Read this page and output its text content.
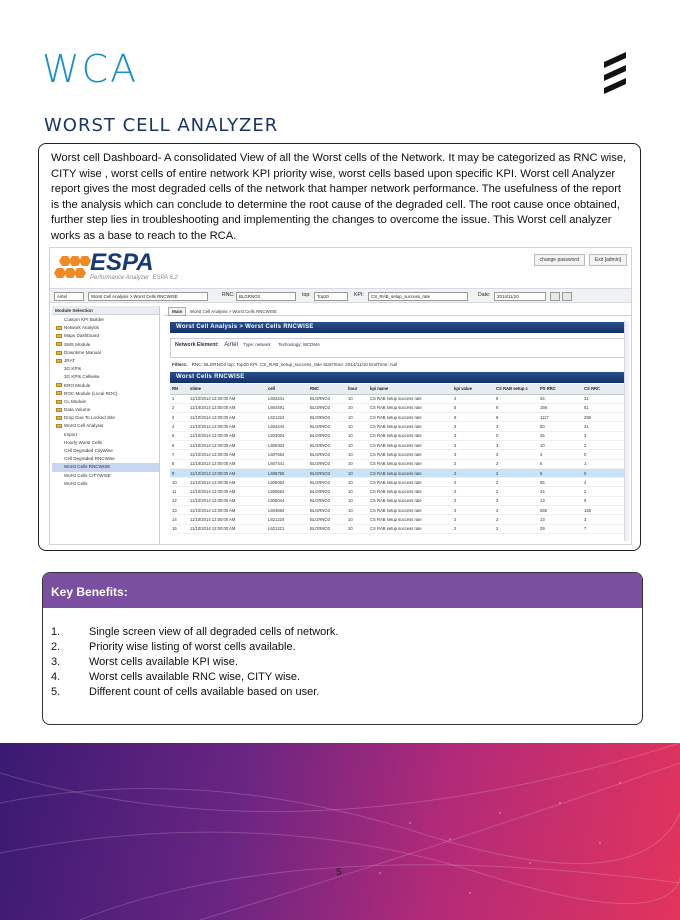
WCA
WORST CELL ANALYZER

Worst cell Dashboard- A consolidated View of all the Worst cells of the Network. It may be categorized as RNC wise, CITY wise , worst cells of entire network KPI priority wise, worst cells based upon specific KPI. Worst cell Analyzer report gives the most degraded cells of the network that hamper network performance. The usefulness of the report is the analysis which can conclude to determine the root cause of the degraded cell. The root cause once obtained, further step lies in troubleshooting and implementing the changes to overcome the issue. This Worst cell analyzer works as a base to reach to the RCA.

ESPA
Performance Analyzer ESPA 6.2
change password	Exit [admin]
Airtel	Worst Cell Analysis > Worst Cells RNCWISE	RNC: BLGRNO3	top:	Top20	KPI:	CS_RAB_setup_success_rate	Date:	2014/11/10
Module Selection
Custom KPI Builder
Network Analysis
Maps Dashboard
SMS Module
Downtime Manual
JRAT
3G KPIs
3G KPIs Cellwise
ERO Module
ROC Module (Local ROC)
CL Module
Data Volume
Drop Due To Locked Site
Worst Cell Analysis
Import
Hourly Worst Cells
Cell Degraded CityWise
Cell Degraded RNCWise
Worst Cells RNCWISE
Worst Cells CITYWISE
Worst Cells
Main	Worst Cell Analysis > Worst Cells RNCWISE
Worst Cell Analysis > Worst Cells RNCWISE
Network Element: Airtel Type: network Technology: WCDMA
Filters: RNC: BLGRNO3 top: Top20 KPI: CS_RAB_setup_success_rate StartTime: 2014/11/10 EndTime: null
Worst Cells RNCWISE
RN	stime	cell	RNC	hour	kpi name	kpi value	CS RAB setup c	PS RRC	CS RRC
1	11/10/2014 12:00:00 AM	L604441	BLGRNO3	10	CS RAB setup success rate	4	6	34	31
2	11/10/2014 12:00:00 AM	L604491	BLGRNO3	10	CS RAB setup success rate	5	9	156	51
3	11/10/2014 12:00:00 AM	L621224	BLGRNO3	10	CS RAB setup success rate	9	9	1117	285
4	11/10/2014 12:00:00 AM	L604444	BLGRNO3	10	CS RAB setup success rate	3	3	50	41
5	11/10/2014 12:00:00 AM	L603004	BLGRNO3	10	CS RAB setup success rate	3	0	25	3
6	11/10/2014 12:00:00 AM	L606304	BLGRNO3	10	CS RAB setup success rate	3	3	10	2
7	11/10/2014 12:00:00 AM	L607654	BLGRNO3	10	CS RAB setup success rate	3	3	4	0
8	11/10/2014 12:00:00 AM	L607441	BLGRNO3	10	CS RAB setup success rate	2	2	5	1
9	11/10/2014 12:00:00 AM	L608756	BLGRNO3	10	CS RAB setup success rate	2	2	5	0
10	11/10/2014 12:00:00 AM	L606064	BLGRNO3	10	CS RAB setup success rate	2	2	65	4
11	11/10/2014 12:00:00 AM	L605654	BLGRNO3	10	CS RAB setup success rate	2	2	34	2
12	11/10/2014 12:00:00 AM	L605044	BLGRNO3	10	CS RAB setup success rate	2	2	13	9
13	11/10/2014 12:00:00 AM	L604684	BLGRNO3	10	CS RAB setup success rate	2	2	555	158
14	11/10/2014 12:00:00 AM	L621224	BLGRNO3	10	CS RAB setup success rate	2	2	13	3
15	11/10/2014 12:00:00 AM	L621221	BLGRNO3	10	CS RAB setup success rate	2	2	29	7
Key Benefits:
1.	Single screen view of all degraded cells of network.
2.	Priority wise listing of worst cells available.
3.	Worst cells available KPI wise.
4.	Worst cells available RNC wise, CITY wise.
5.	Different count of cells available based on user.
5
